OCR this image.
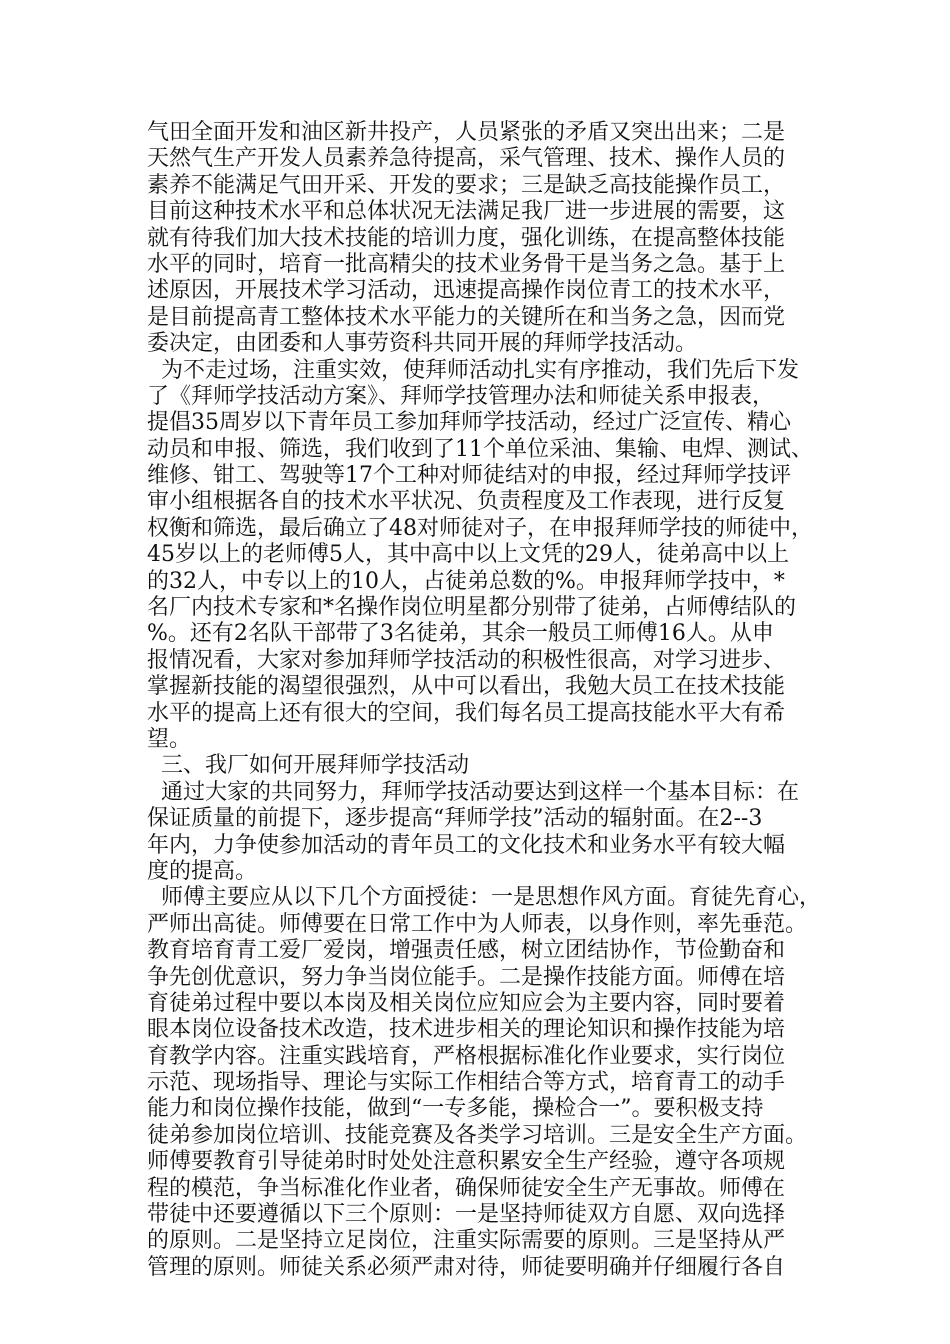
气田全面开发和油区新井投产，人员紧张的矛盾又突出出来；二是
天然气生产开发人员素养急待提高，采气管理、技术、操作人员的
素养不能满足气田开采、开发的要求；三是缺乏高技能操作员工，
目前这种技术水平和总体状况无法满足我厂进一步进展的需要，这
就有待我们加大技术技能的培训力度，强化训练，在提高整体技能
水平的同时，培育一批高精尖的技术业务骨干是当务之急。基于上
述原因，开展技术学习活动，迅速提高操作岗位青工的技术水平，
是目前提高青工整体技术水平能力的关键所在和当务之急，因而党
委决定，由团委和人事劳资科共同开展的拜师学技活动。
为不走过场，注重实效，使拜师活动扎实有序推动，我们先后下发
了《拜师学技活动方案》、拜师学技管理办法和师徒关系申报表，
提倡35周岁以下青年员工参加拜师学技活动，经过广泛宣传、精心
动员和申报、筛选，我们收到了11个单位采油、集输、电焊、测试、
维修、钳工、驾驶等17个工种对师徒结对的申报，经过拜师学技评
审小组根据各自的技术水平状况、负责程度及工作表现，进行反复
权衡和筛选，最后确立了48对师徒对子，在申报拜师学技的师徒中，
45岁以上的老师傅5人，其中高中以上文凭的29人，徒弟高中以上
的32人，中专以上的10人，占徒弟总数的%。申报拜师学技中，*
名厂内技术专家和*名操作岗位明星都分别带了徒弟，占师傅结队的
%。还有2名队干部带了3名徒弟，其余一般员工师傅16人。从申
报情况看，大家对参加拜师学技活动的积极性很高，对学习进步、
掌握新技能的渴望很强烈，从中可以看出，我勉大员工在技术技能
水平的提高上还有很大的空间，我们每名员工提高技能水平大有希
望。
三、我厂如何开展拜师学技活动
通过大家的共同努力，拜师学技活动要达到这样一个基本目标：在
保证质量的前提下，逐步提高“拜师学技”活动的辐射面。在2--3
年内，力争使参加活动的青年员工的文化技术和业务水平有较大幅
度的提高。
师傅主要应从以下几个方面授徒：一是思想作风方面。育徒先育心，
严师出高徒。师傅要在日常工作中为人师表，以身作则，率先垂范。
教育培育青工爱厂爱岗，增强责任感，树立团结协作，节俭勤奋和
争先创优意识，努力争当岗位能手。二是操作技能方面。师傅在培
育徒弟过程中要以本岗及相关岗位应知应会为主要内容，同时要着
眼本岗位设备技术改造，技术进步相关的理论知识和操作技能为培
育教学内容。注重实践培育，严格根据标准化作业要求，实行岗位
示范、现场指导、理论与实际工作相结合等方式，培育青工的动手
能力和岗位操作技能，做到“一专多能，操检合一”。要积极支持
徒弟参加岗位培训、技能竞赛及各类学习培训。三是安全生产方面。
师傅要教育引导徒弟时时处处注意积累安全生产经验，遵守各项规
程的模范，争当标准化作业者，确保师徒安全生产无事故。师傅在
带徒中还要遵循以下三个原则：一是坚持师徒双方自愿、双向选择
的原则。二是坚持立足岗位，注重实际需要的原则。三是坚持从严
管理的原则。师徒关系必须严肃对待，师徒要明确并仔细履行各自
